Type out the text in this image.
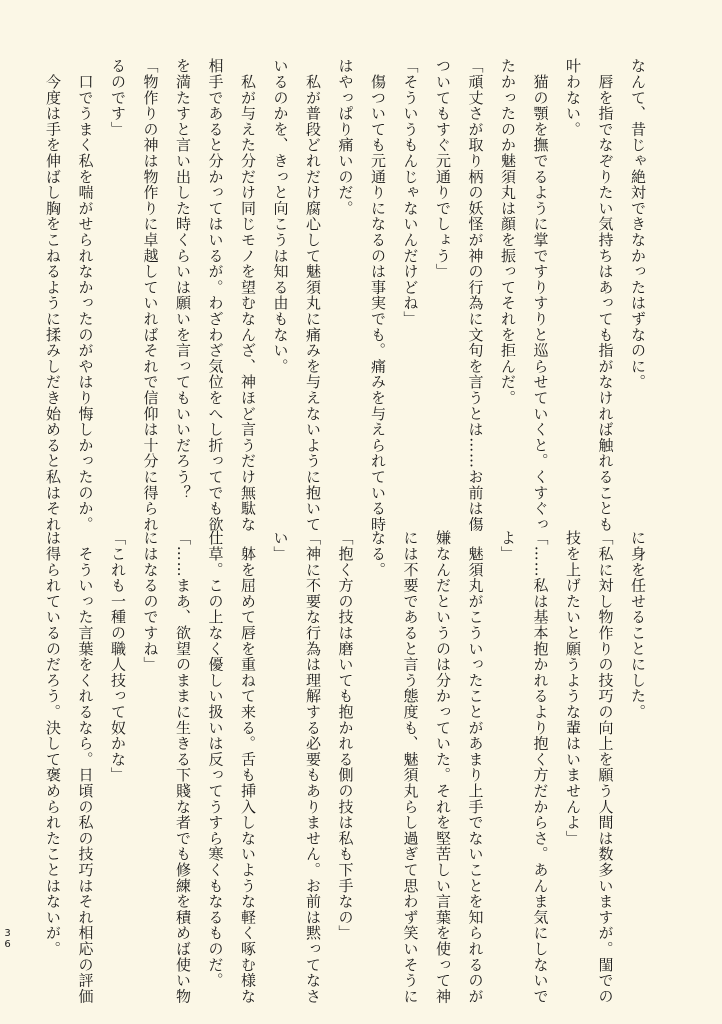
なんて、昔じゃ絶対できなかったはずなのに。
　唇を指でなぞりたい気持ちはあっても指がなければ触れることも
叶わない。
　猫の顎を撫でるように掌ですりすりと巡らせていくと。くすぐっ
たかったのか魅須丸は顔を振ってそれを拒んだ。
「頑丈さが取り柄の妖怪が神の行為に文句を言うとは……お前は傷
ついてもすぐ元通りでしょう」
「そういうもんじゃないんだけどね」
　傷ついても元通りになるのは事実でも。痛みを与えられている時
はやっぱり痛いのだ。
　私が普段どれだけ腐心して魅須丸に痛みを与えないように抱いて
いるのかを、きっと向こうは知る由もない。
　私が与えた分だけ同じモノを望むなんざ、神ほど言うだけ無駄な
相手であると分かってはいるが。わざわざ気位をへし折ってでも欲
を満たすと言い出した時くらいは願いを言ってもいいだろう？
「物作りの神は物作りに卓越していればそれで信仰は十分に得られ
るのです」
　口でうまく私を喘がせられなかったのがやはり悔しかったのか。
　今度は手を伸ばし胸をこねるように揉みしだき始めると私はそれ
に身を任せることにした。
「私に対し物作りの技巧の向上を願う人間は数多いますが。閨での
技を上げたいと願うような輩はいませんよ」
「……私は基本抱かれるより抱く方だからさ。あんま気にしないで
よ」
　魅須丸がこういったことがあまり上手でないことを知られるのが
嫌なんだというのは分かっていた。それを堅苦しい言葉を使って神
には不要であると言う態度も、魅須丸らし過ぎて思わず笑いそうに
なる。
「抱く方の技は磨いても抱かれる側の技は私も下手なの」
「神に不要な行為は理解する必要もありません。お前は黙ってなさ
い」
　躰を屈めて唇を重ねて来る。舌も挿入しないような軽く啄む様な
仕草。この上なく優しい扱いは反ってうすら寒くもなるものだ。
「……まあ、欲望のままに生きる下賤な者でも修練を積めば使い物
にはなるのですね」
「これも一種の職人技って奴かな」
　そういった言葉をくれるなら。日頃の私の技巧はそれ相応の評価
は得られているのだろう。決して褒められたことはないが。
36
